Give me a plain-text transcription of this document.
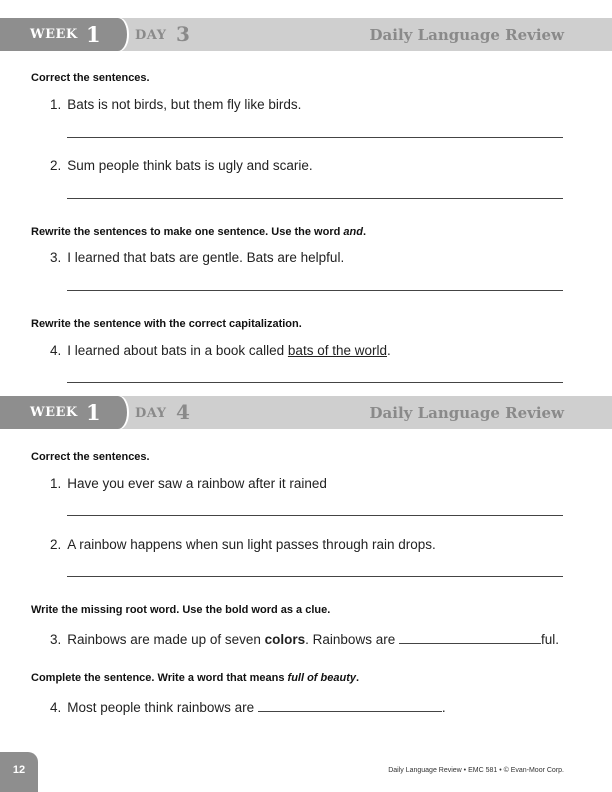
WEEK 1	DAY 3	Daily Language Review
Correct the sentences.
1. Bats is not birds, but them fly like birds.
2. Sum people think bats is ugly and scarie.
Rewrite the sentences to make one sentence. Use the word and.
3. I learned that bats are gentle. Bats are helpful.
Rewrite the sentence with the correct capitalization.
4. I learned about bats in a book called bats of the world.
WEEK 1	DAY 4	Daily Language Review
Correct the sentences.
1. Have you ever saw a rainbow after it rained
2. A rainbow happens when sun light passes through rain drops.
Write the missing root word. Use the bold word as a clue.
3. Rainbows are made up of seven colors. Rainbows are	ful.
Complete the sentence. Write a word that means full of beauty.
4. Most people think rainbows are	.
12	Daily Language Review • EMC 581 • © Evan-Moor Corp.
